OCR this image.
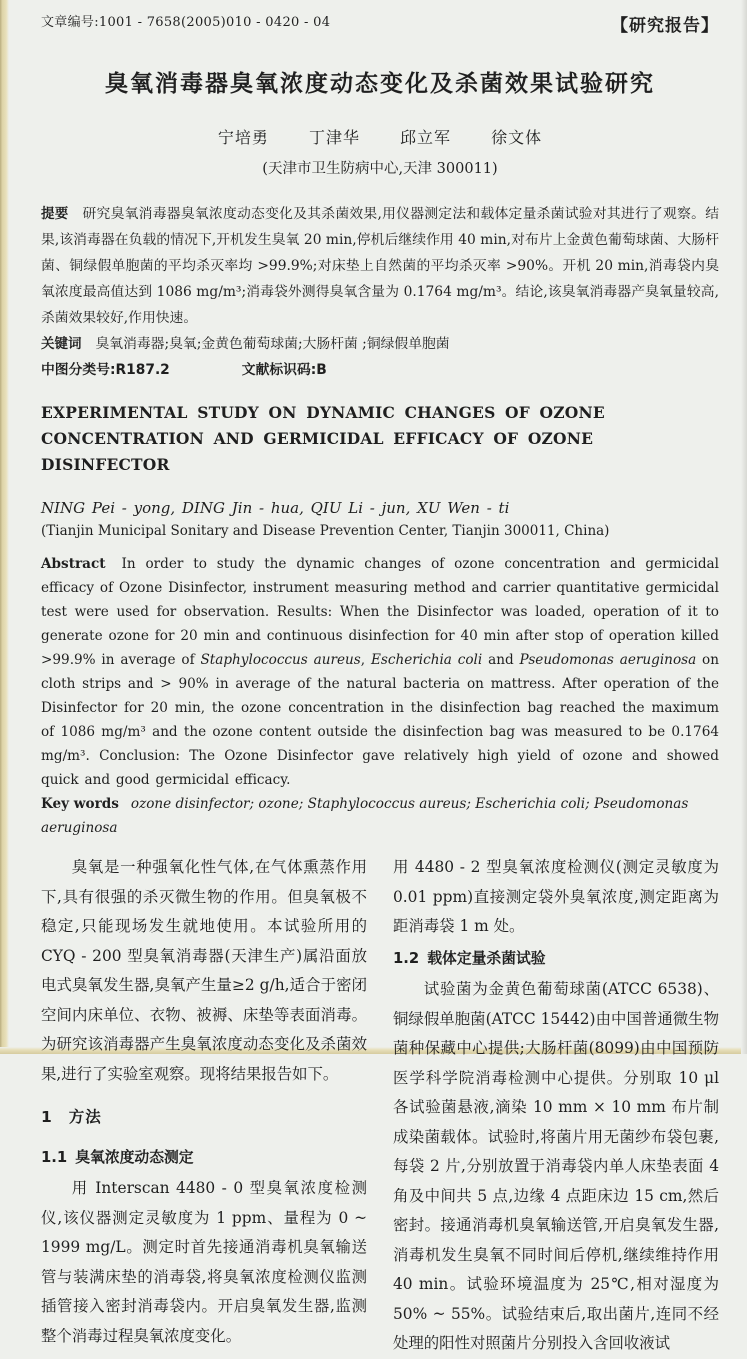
文章编号:1001 - 7658(2005)010 - 0420 - 04	【研究报告】
臭氧消毒器臭氧浓度动态变化及杀菌效果试验研究
宁培勇	丁津华	邱立军	徐文体
(天津市卫生防病中心,天津 300011)
提要 研究臭氧消毒器臭氧浓度动态变化及其杀菌效果,用仪器测定法和载体定量杀菌试验对其进行了观察。结果,该消毒器在负载的情况下,开机发生臭氧 20 min,停机后继续作用 40 min,对布片上金黄色葡萄球菌、大肠杆菌、铜绿假单胞菌的平均杀灭率均 >99.9%;对床垫上自然菌的平均杀灭率 >90%。开机 20 min,消毒袋内臭氧浓度最高值达到 1086 mg/m³;消毒袋外测得臭氧含量为 0.1764 mg/m³。结论,该臭氧消毒器产臭氧量较高,杀菌效果较好,作用快速。
关键词 臭氧消毒器;臭氧;金黄色葡萄球菌;大肠杆菌 ;铜绿假单胞菌
中图分类号:R187.2	文献标识码:B
EXPERIMENTAL STUDY ON DYNAMIC CHANGES OF OZONE CONCENTRATION AND GERMICIDAL EFFICACY OF OZONE DISINFECTOR
NING Pei - yong, DING Jin - hua, QIU Li - jun, XU Wen - ti
(Tianjin Municipal Sonitary and Disease Prevention Center, Tianjin 300011, China)
Abstract In order to study the dynamic changes of ozone concentration and germicidal efficacy of Ozone Disinfector, instrument measuring method and carrier quantitative germicidal test were used for observation. Results: When the Disinfector was loaded, operation of it to generate ozone for 20 min and continuous disinfection for 40 min after stop of operation killed >99.9% in average of Staphylococcus aureus, Escherichia coli and Pseudomonas aeruginosa on cloth strips and > 90% in average of the natural bacteria on mattress. After operation of the Disinfector for 20 min, the ozone concentration in the disinfection bag reached the maximum of 1086 mg/m³ and the ozone content outside the disinfection bag was measured to be 0.1764 mg/m³. Conclusion: The Ozone Disinfector gave relatively high yield of ozone and showed quick and good germicidal efficacy.
Key words ozone disinfector; ozone; Staphylococcus aureus; Escherichia coli; Pseudomonas aeruginosa

臭氧是一种强氧化性气体,在气体熏蒸作用下,具有很强的杀灭微生物的作用。但臭氧极不稳定,只能现场发生就地使用。本试验所用的 CYQ - 200 型臭氧消毒器(天津生产)属沿面放电式臭氧发生器,臭氧产生量≥2 g/h,适合于密闭空间内床单位、衣物、被褥、床垫等表面消毒。为研究该消毒器产生臭氧浓度动态变化及杀菌效果,进行了实验室观察。现将结果报告如下。

1 方法
1.1 臭氧浓度动态测定

用 Interscan 4480 - 0 型臭氧浓度检测仪,该仪器测定灵敏度为 1 ppm、量程为 0 ~ 1999 mg/L。测定时首先接通消毒机臭氧输送管与装满床垫的消毒袋,将臭氧浓度检测仪监测插管接入密封消毒袋内。开启臭氧发生器,监测整个消毒过程臭氧浓度变化。

用 4480 - 2 型臭氧浓度检测仪(测定灵敏度为 0.01 ppm)直接测定袋外臭氧浓度,测定距离为距消毒袋 1 m 处。

1.2 载体定量杀菌试验

试验菌为金黄色葡萄球菌(ATCC 6538)、铜绿假单胞菌(ATCC 15442)由中国普通微生物菌种保藏中心提供;大肠杆菌(8099)由中国预防医学科学院消毒检测中心提供。分别取 10 μl 各试验菌悬液,滴染 10 mm × 10 mm 布片制成染菌载体。试验时,将菌片用无菌纱布袋包裹,每袋 2 片,分别放置于消毒袋内单人床垫表面 4 角及中间共 5 点,边缘 4 点距床边 15 cm,然后密封。接通消毒机臭氧输送管,开启臭氧发生器,消毒机发生臭氧不同时间后停机,继续维持作用 40 min。试验环境温度为 25℃,相对湿度为 50% ~ 55%。试验结束后,取出菌片,连同不经处理的阳性对照菌片分别投入含回收液试
